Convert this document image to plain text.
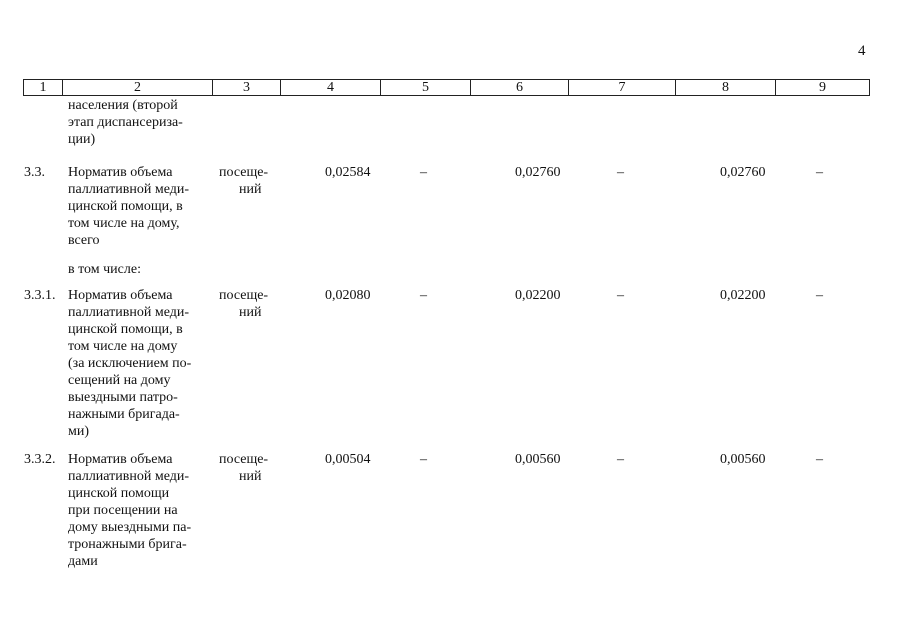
4
1	2	3	4	5	6	7	8	9

населения (второй

этап диспансериза-

ции)

3.3.	Норматив объема

паллиативной меди-

цинской помощи, в

том числе на дому,

всего

посеще-
ний
0,02584	–	0,02760	–	0,02760	–
в том числе:
3.3.1. Норматив объема

паллиативной меди-

цинской помощи, в

том числе на дому

(за исключением по-

сещений на дому

выездными патро-

нажными бригада-

ми)

посеще-
ний
0,02080	–	0,02200	–	0,02200	–
3.3.2. Норматив объема

паллиативной меди-

цинской помощи

при посещении на

дому выездными па-

тронажными брига-

дами

посеще-
ний
0,00504	–	0,00560	–	0,00560	–
